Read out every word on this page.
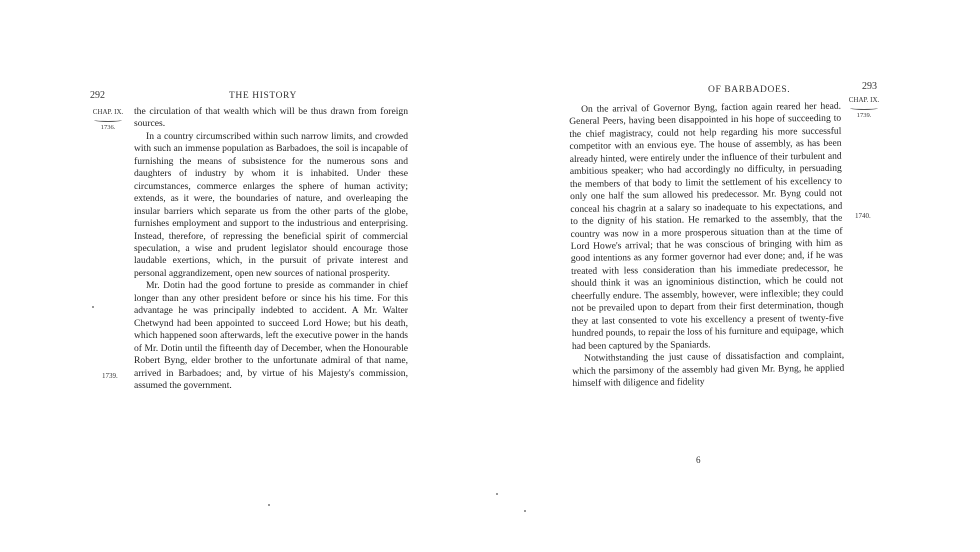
292	THE HISTORY
CHAP. IX.
1736.
1739.

the circulation of that wealth which will be thus drawn from foreign sources.

In a country circumscribed within such narrow limits, and crowded with such an immense population as Barbadoes, the soil is incapable of furnishing the means of subsistence for the numerous sons and daughters of industry by whom it is inhabited. Under these circumstances, commerce enlarges the sphere of human activity; extends, as it were, the boundaries of nature, and overleaping the insular barriers which separate us from the other parts of the globe, furnishes employment and support to the industrious and enterprising. Instead, therefore, of repressing the beneficial spirit of commercial speculation, a wise and prudent legislator should encourage those laudable exertions, which, in the pursuit of private interest and personal aggrandizement, open new sources of national prosperity.

Mr. Dotin had the good fortune to preside as commander in chief longer than any other president before or since his his time. For this advantage he was principally indebted to accident. A Mr. Walter Chetwynd had been appointed to succeed Lord Howe; but his death, which happened soon afterwards, left the executive power in the hands of Mr. Dotin until the fifteenth day of December, when the Honourable Robert Byng, elder brother to the unfortunate admiral of that name, arrived in Barbadoes; and, by virtue of his Majesty's commission, assumed the government.

OF BARBADOES.	293
CHAP. IX.
1739.
1740.

On the arrival of Governor Byng, faction again reared her head. General Peers, having been disappointed in his hope of succeeding to the chief magistracy, could not help regarding his more successful competitor with an envious eye. The house of assembly, as has been already hinted, were entirely under the influence of their turbulent and ambitious speaker; who had accordingly no difficulty, in persuading the members of that body to limit the settlement of his excellency to only one half the sum allowed his predecessor. Mr. Byng could not conceal his chagrin at a salary so inadequate to his expectations, and to the dignity of his station. He remarked to the assembly, that the country was now in a more prosperous situation than at the time of Lord Howe's arrival; that he was conscious of bringing with him as good intentions as any former governor had ever done; and, if he was treated with less consideration than his immediate predecessor, he should think it was an ignominious distinction, which he could not cheerfully endure. The assembly, however, were inflexible; they could not be prevailed upon to depart from their first determination, though they at last consented to vote his excellency a present of twenty-five hundred pounds, to repair the loss of his furniture and equipage, which had been captured by the Spaniards.

Notwithstanding the just cause of dissatisfaction and complaint, which the parsimony of the assembly had given Mr. Byng, he applied himself with diligence and fidelity

6
